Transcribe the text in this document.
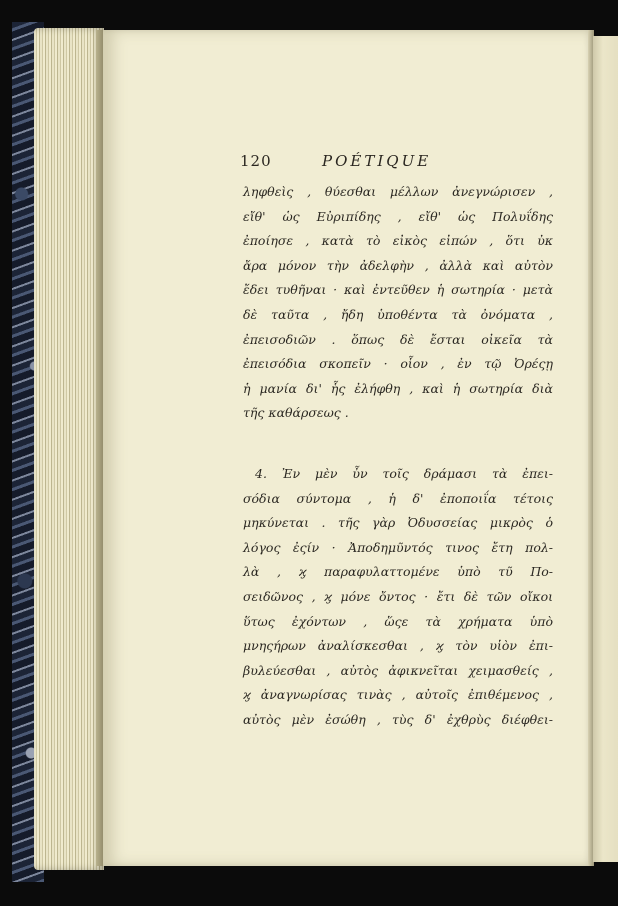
120	POÉTIQUE
ληφθεὶς , θύεσθαι μέλλων ἀνεγνώρισεν ,
εἴθ' ὡς Εὐριπίδης , εἴθ' ὡς Πολυΐδης
ἐποίησε , κατὰ τὸ εἰκὸς εἰπών , ὅτι ὐκ
ἄρα μόνον τὴν ἀδελφὴν , ἀλλὰ καὶ αὐτὸν
ἔδει τυθῆναι · καὶ ἐντεῦθεν ἡ σωτηρία · μετὰ
δὲ ταῦτα , ἤδη ὑποθέντα τὰ ὀνόματα ,
ἐπεισοδιῶν . ὅπως δὲ ἔσται οἰκεῖα τὰ
ἐπεισόδια σκοπεῖν · οἷον , ἐν τῷ Ὀρέςῃ
ἡ μανία δι' ἧς ἐλήφθη , καὶ ἡ σωτηρία διὰ
τῆς καθάρσεως .
4. Ἐν μὲν ὖν τοῖς δράμασι τὰ ἐπει-
σόδια σύντομα , ἡ δ' ἐποποιΐα τέτοις
μηκύνεται . τῆς γὰρ Ὀδυσσείας μικρὸς ὁ
λόγος ἐςίν · Ἀποδημῦντός τινος ἔτη πολ-
λὰ , ϗ παραφυλαττομένε ὑπὸ τῦ Πο-
σειδῶνος , ϗ μόνε ὄντος · ἔτι δὲ τῶν οἴκοι
ὕτως ἐχόντων , ὥςε τὰ χρήματα ὑπὸ
μνηςήρων ἀναλίσκεσθαι , ϗ τὸν υἱὸν ἐπι-
βυλεύεσθαι , αὐτὸς ἀφικνεῖται χειμασθείς ,
ϗ ἀναγνωρίσας τινὰς , αὐτοῖς ἐπιθέμενος ,
αὐτὸς μὲν ἐσώθη , τὺς δ' ἐχθρὺς διέφθει-
